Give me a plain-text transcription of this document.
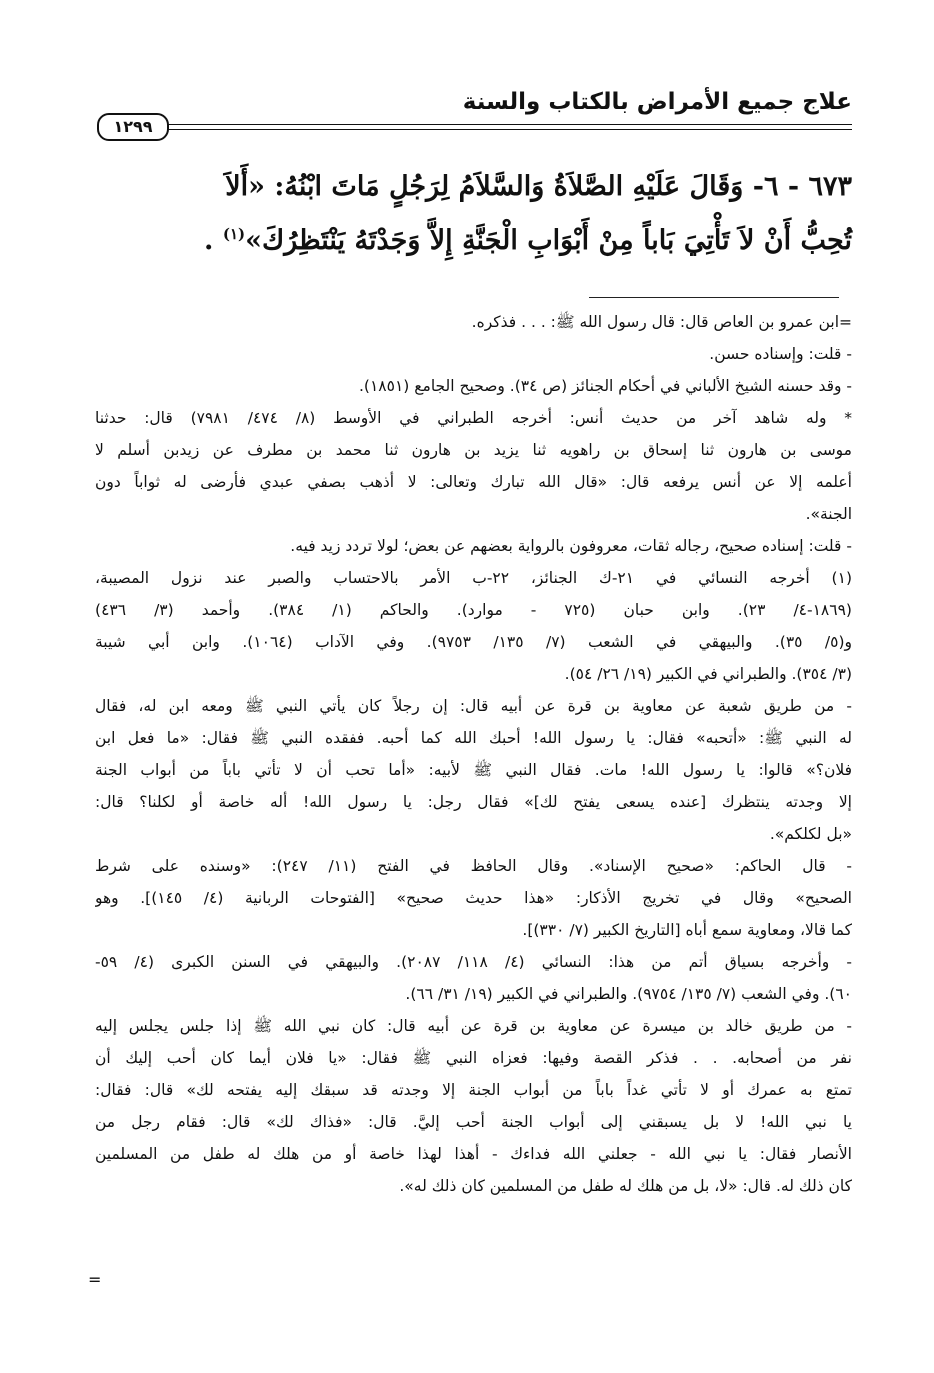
علاج جميع الأمراض بالكتاب والسنة
١٢٩٩
٦٧٣ - ٦- وَقَالَ عَلَيْهِ الصَّلاَةُ وَالسَّلاَمُ لِرَجُلٍ مَاتَ ابْنُهُ: «أَلاَ
تُحِبُّ أَنْ لاَ تَأْتِيَ بَاباً مِنْ أَبْوَابِ الْجَنَّةِ إِلاَّ وَجَدْتَهُ يَنْتَظِرُكَ»$^{(١)}$ .
=ابن عمرو بن العاص قال: قال رسول الله ﷺ: . . . فذكره.
- قلت: وإسناده حسن.
- وقد حسنه الشيخ الألباني في أحكام الجنائز (ص ٣٤). وصحيح الجامع (١٨٥١).
* وله شاهد آخر من حديث أنس: أخرجه الطبراني في الأوسط (٨/ ٤٧٤/ ٧٩٨١) قال: حدثنا
موسى بن هارون ثنا إسحاق بن راهويه ثنا يزيد بن هارون ثنا محمد بن مطرف عن زيدبن أسلم لا
أعلمه إلا عن أنس يرفعه قال: «قال الله تبارك وتعالى: لا أذهب بصفي عبدي فأرضى له ثواباً دون
الجنة».
- قلت: إسناده صحيح، رجاله ثقات، معروفون بالرواية بعضهم عن بعض؛ لولا تردد زيد فيه.
(١) أخرجه النسائي في ٢١-ك الجنائز، ٢٢-ب الأمر بالاحتساب والصبر عند نزول المصيبة،
(١٨٦٩-٤/ ٢٣). وابن حبان (٧٢٥ - موارد). والحاكم (١/ ٣٨٤). وأحمد (٣/ ٤٣٦)
و(٥/ ٣٥). والبيهقي في الشعب (٧/ ١٣٥/ ٩٧٥٣). وفي الآداب (١٠٦٤). وابن أبي شيبة
(٣/ ٣٥٤). والطبراني في الكبير (١٩/ ٢٦/ ٥٤).
- من طريق شعبة عن معاوية بن قرة عن أبيه قال: إن رجلاً كان يأتي النبي ﷺ ومعه ابن له، فقال
له النبي ﷺ: «أتحبه» فقال: يا رسول الله! أحبك الله كما أحبه. ففقده النبي ﷺ فقال: «ما فعل ابن
فلان؟» قالوا: يا رسول الله! مات. فقال النبي ﷺ لأبيه: «أما تحب أن لا تأتي باباً من أبواب الجنة
إلا وجدته ينتظرك [عنده يسعى يفتح لك]» فقال رجل: يا رسول الله! أله خاصة أو لكلنا؟ قال:
«بل لكلكم».
- قال الحاكم: «صحيح الإسناد». وقال الحافظ في الفتح (١١/ ٢٤٧): «وسنده على شرط
الصحيح» وقال في تخريج الأذكار: «هذا حديث صحيح» [الفتوحات الربانية (٤/ ١٤٥)]. وهو
كما قالا، ومعاوية سمع أباه [التاريخ الكبير (٧/ ٣٣٠)].
- وأخرجه بسياق أتم من هذا: النسائي (٤/ ١١٨/ ٢٠٨٧). والبيهقي في السنن الكبرى (٤/ ٥٩-
٦٠). وفي الشعب (٧/ ١٣٥/ ٩٧٥٤). والطبراني في الكبير (١٩/ ٣١/ ٦٦).
- من طريق خالد بن ميسرة عن معاوية بن قرة عن أبيه قال: كان نبي الله ﷺ إذا جلس يجلس إليه
نفر من أصحابه. . . فذكر القصة وفيها: فعزاه النبي ﷺ فقال: «يا فلان أيما كان أحب إليك أن
تمتع به عمرك أو لا تأتي غداً باباً من أبواب الجنة إلا وجدته قد سبقك إليه يفتحه لك» قال: فقال:
يا نبي الله! لا بل يسبقني إلى أبواب الجنة أحب إليَّ. قال: «فذاك لك» قال: فقام رجل من
الأنصار فقال: يا نبي الله - جعلني الله فداءك - أهذا لهذا خاصة أو من هلك له طفل من المسلمين
كان ذلك له. قال: «لا، بل من هلك له طفل من المسلمين كان ذلك له».
=
